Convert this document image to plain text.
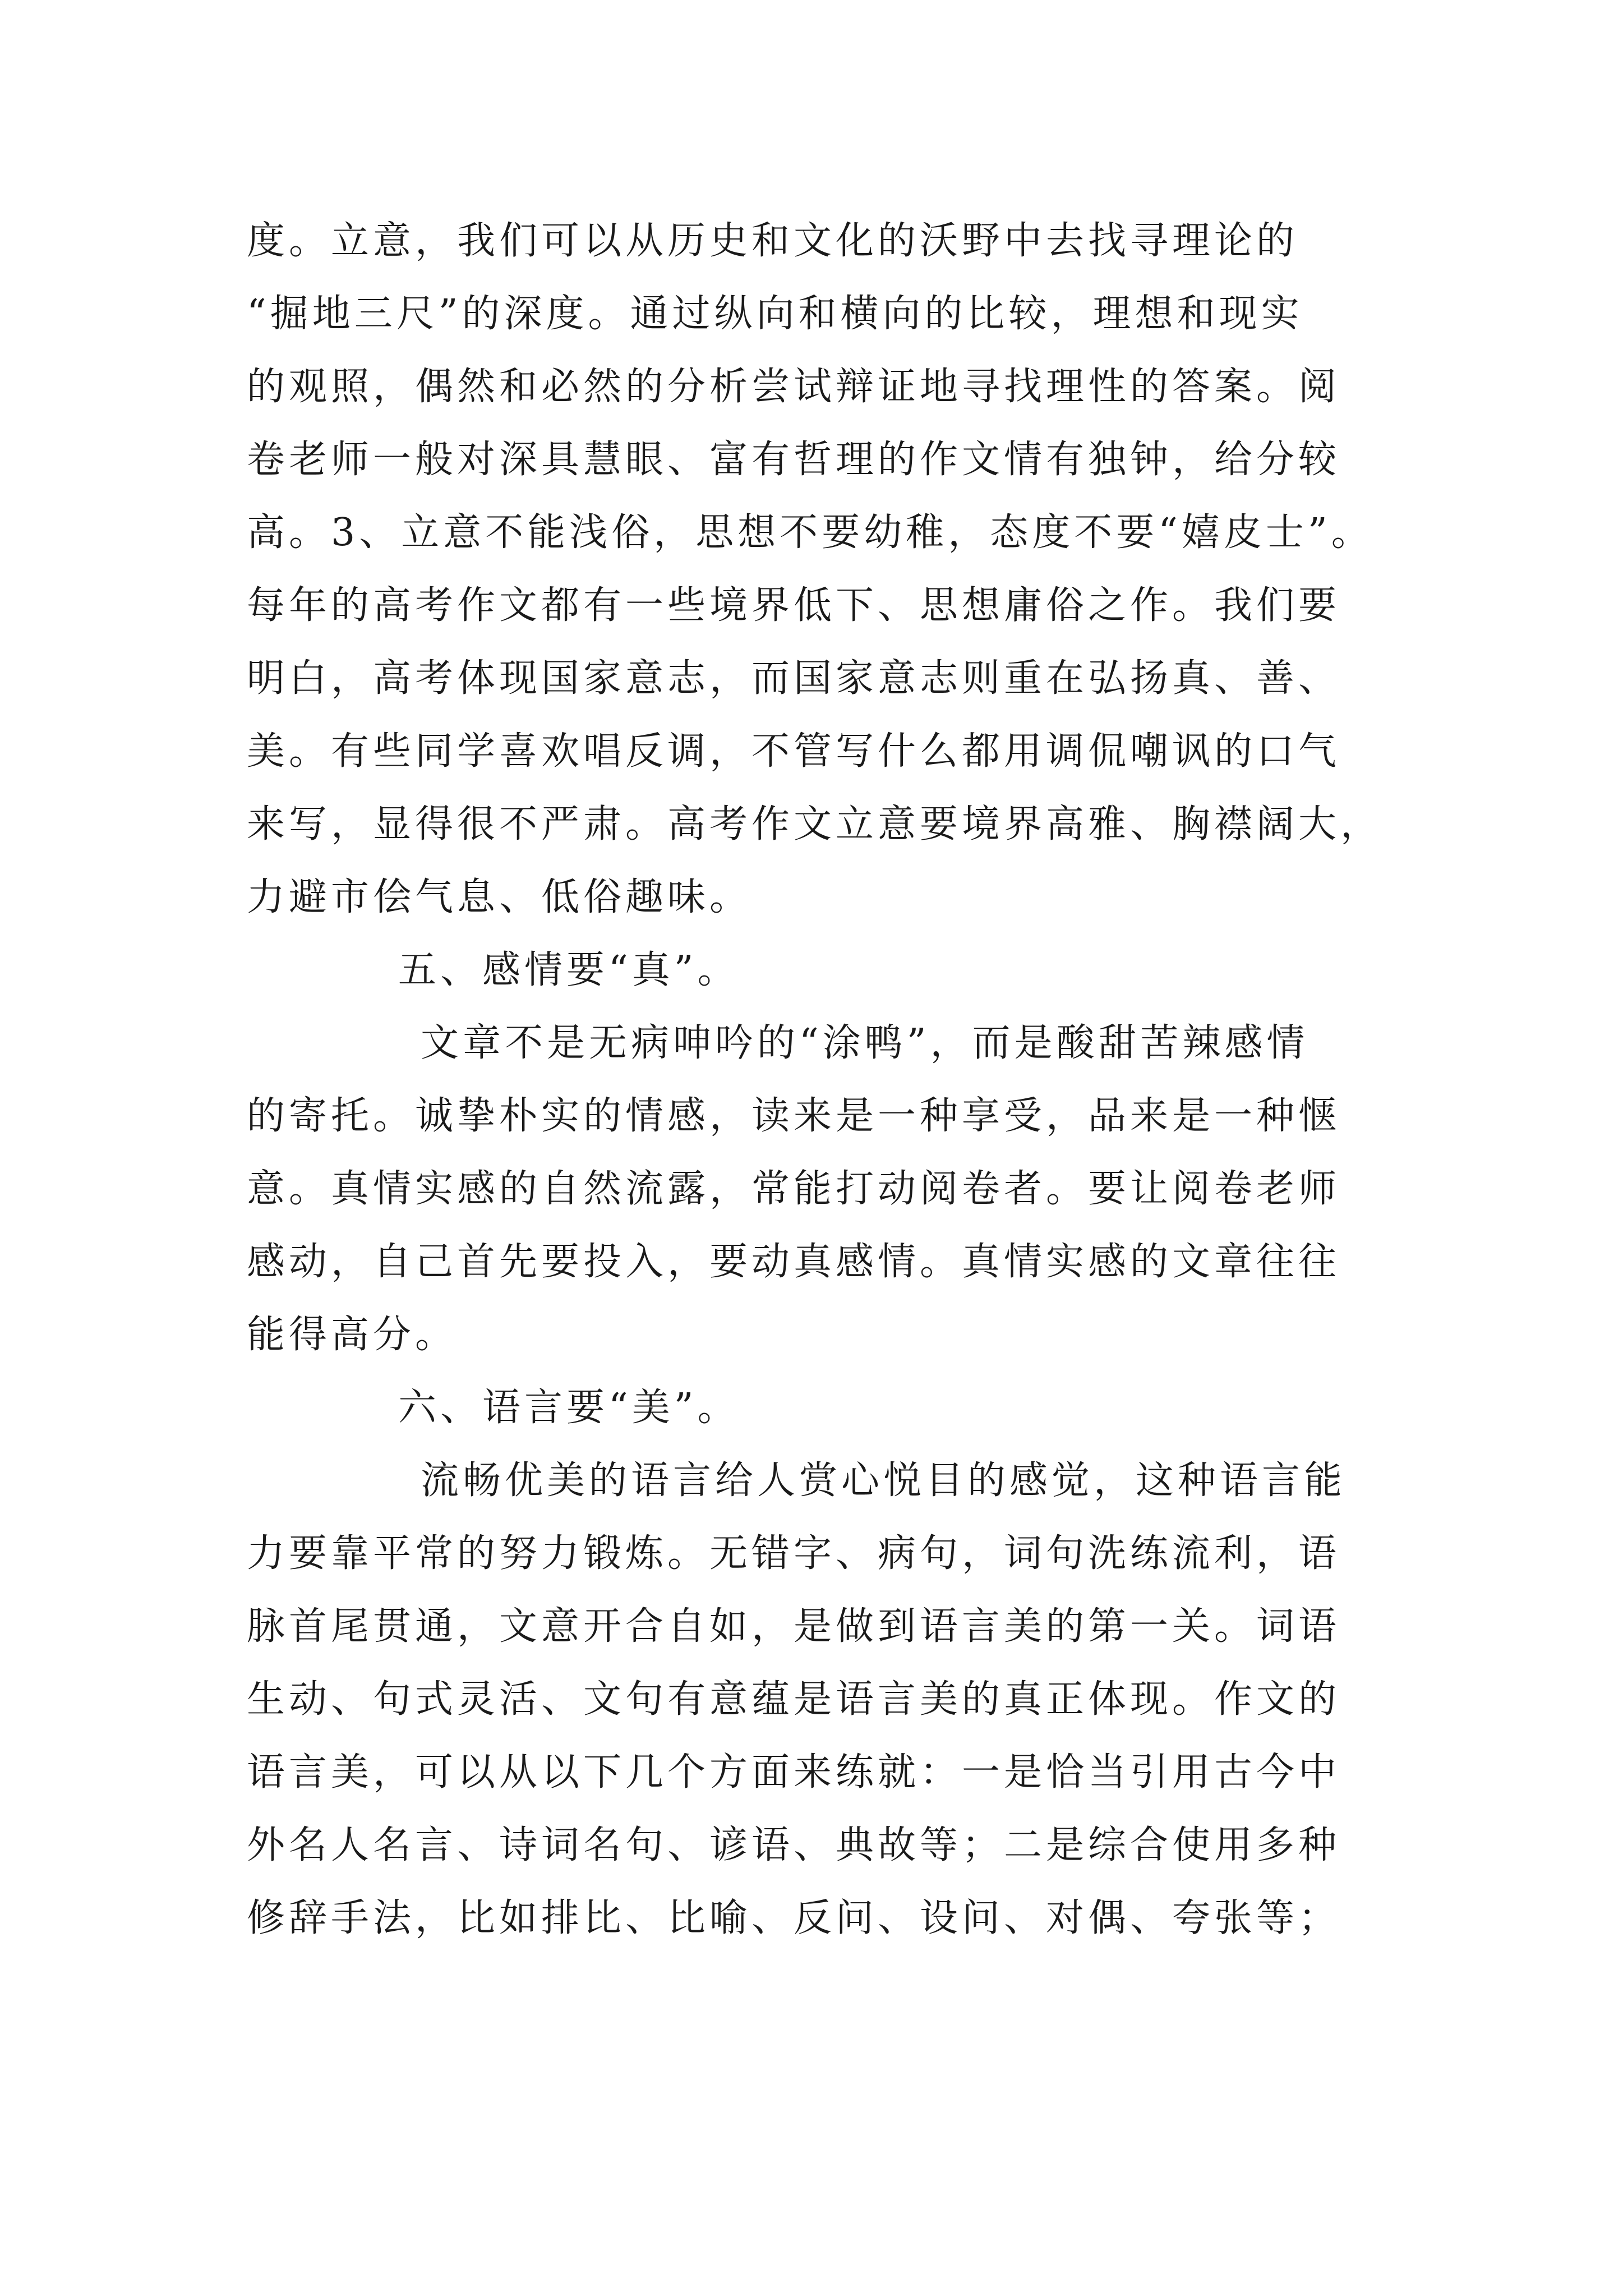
度。立意，我们可以从历史和文化的沃野中去找寻理论的

“掘地三尺”的深度。通过纵向和横向的比较，理想和现实

的观照，偶然和必然的分析尝试辩证地寻找理性的答案。阅

卷老师一般对深具慧眼、富有哲理的作文情有独钟，给分较

高。3、立意不能浅俗，思想不要幼稚，态度不要“嬉皮士”。

每年的高考作文都有一些境界低下、思想庸俗之作。我们要

明白，高考体现国家意志，而国家意志则重在弘扬真、善、

美。有些同学喜欢唱反调，不管写什么都用调侃嘲讽的口气

来写，显得很不严肃。高考作文立意要境界高雅、胸襟阔大，

力避市侩气息、低俗趣味。

五、感情要“真”。

文章不是无病呻吟的“涂鸭”，而是酸甜苦辣感情

的寄托。诚挚朴实的情感，读来是一种享受，品来是一种惬

意。真情实感的自然流露，常能打动阅卷者。要让阅卷老师

感动，自己首先要投入，要动真感情。真情实感的文章往往

能得高分。

六、语言要“美”。

流畅优美的语言给人赏心悦目的感觉，这种语言能

力要靠平常的努力锻炼。无错字、病句，词句洗练流利，语

脉首尾贯通，文意开合自如，是做到语言美的第一关。词语

生动、句式灵活、文句有意蕴是语言美的真正体现。作文的

语言美，可以从以下几个方面来练就：一是恰当引用古今中

外名人名言、诗词名句、谚语、典故等；二是综合使用多种

修辞手法，比如排比、比喻、反问、设问、对偶、夸张等；
